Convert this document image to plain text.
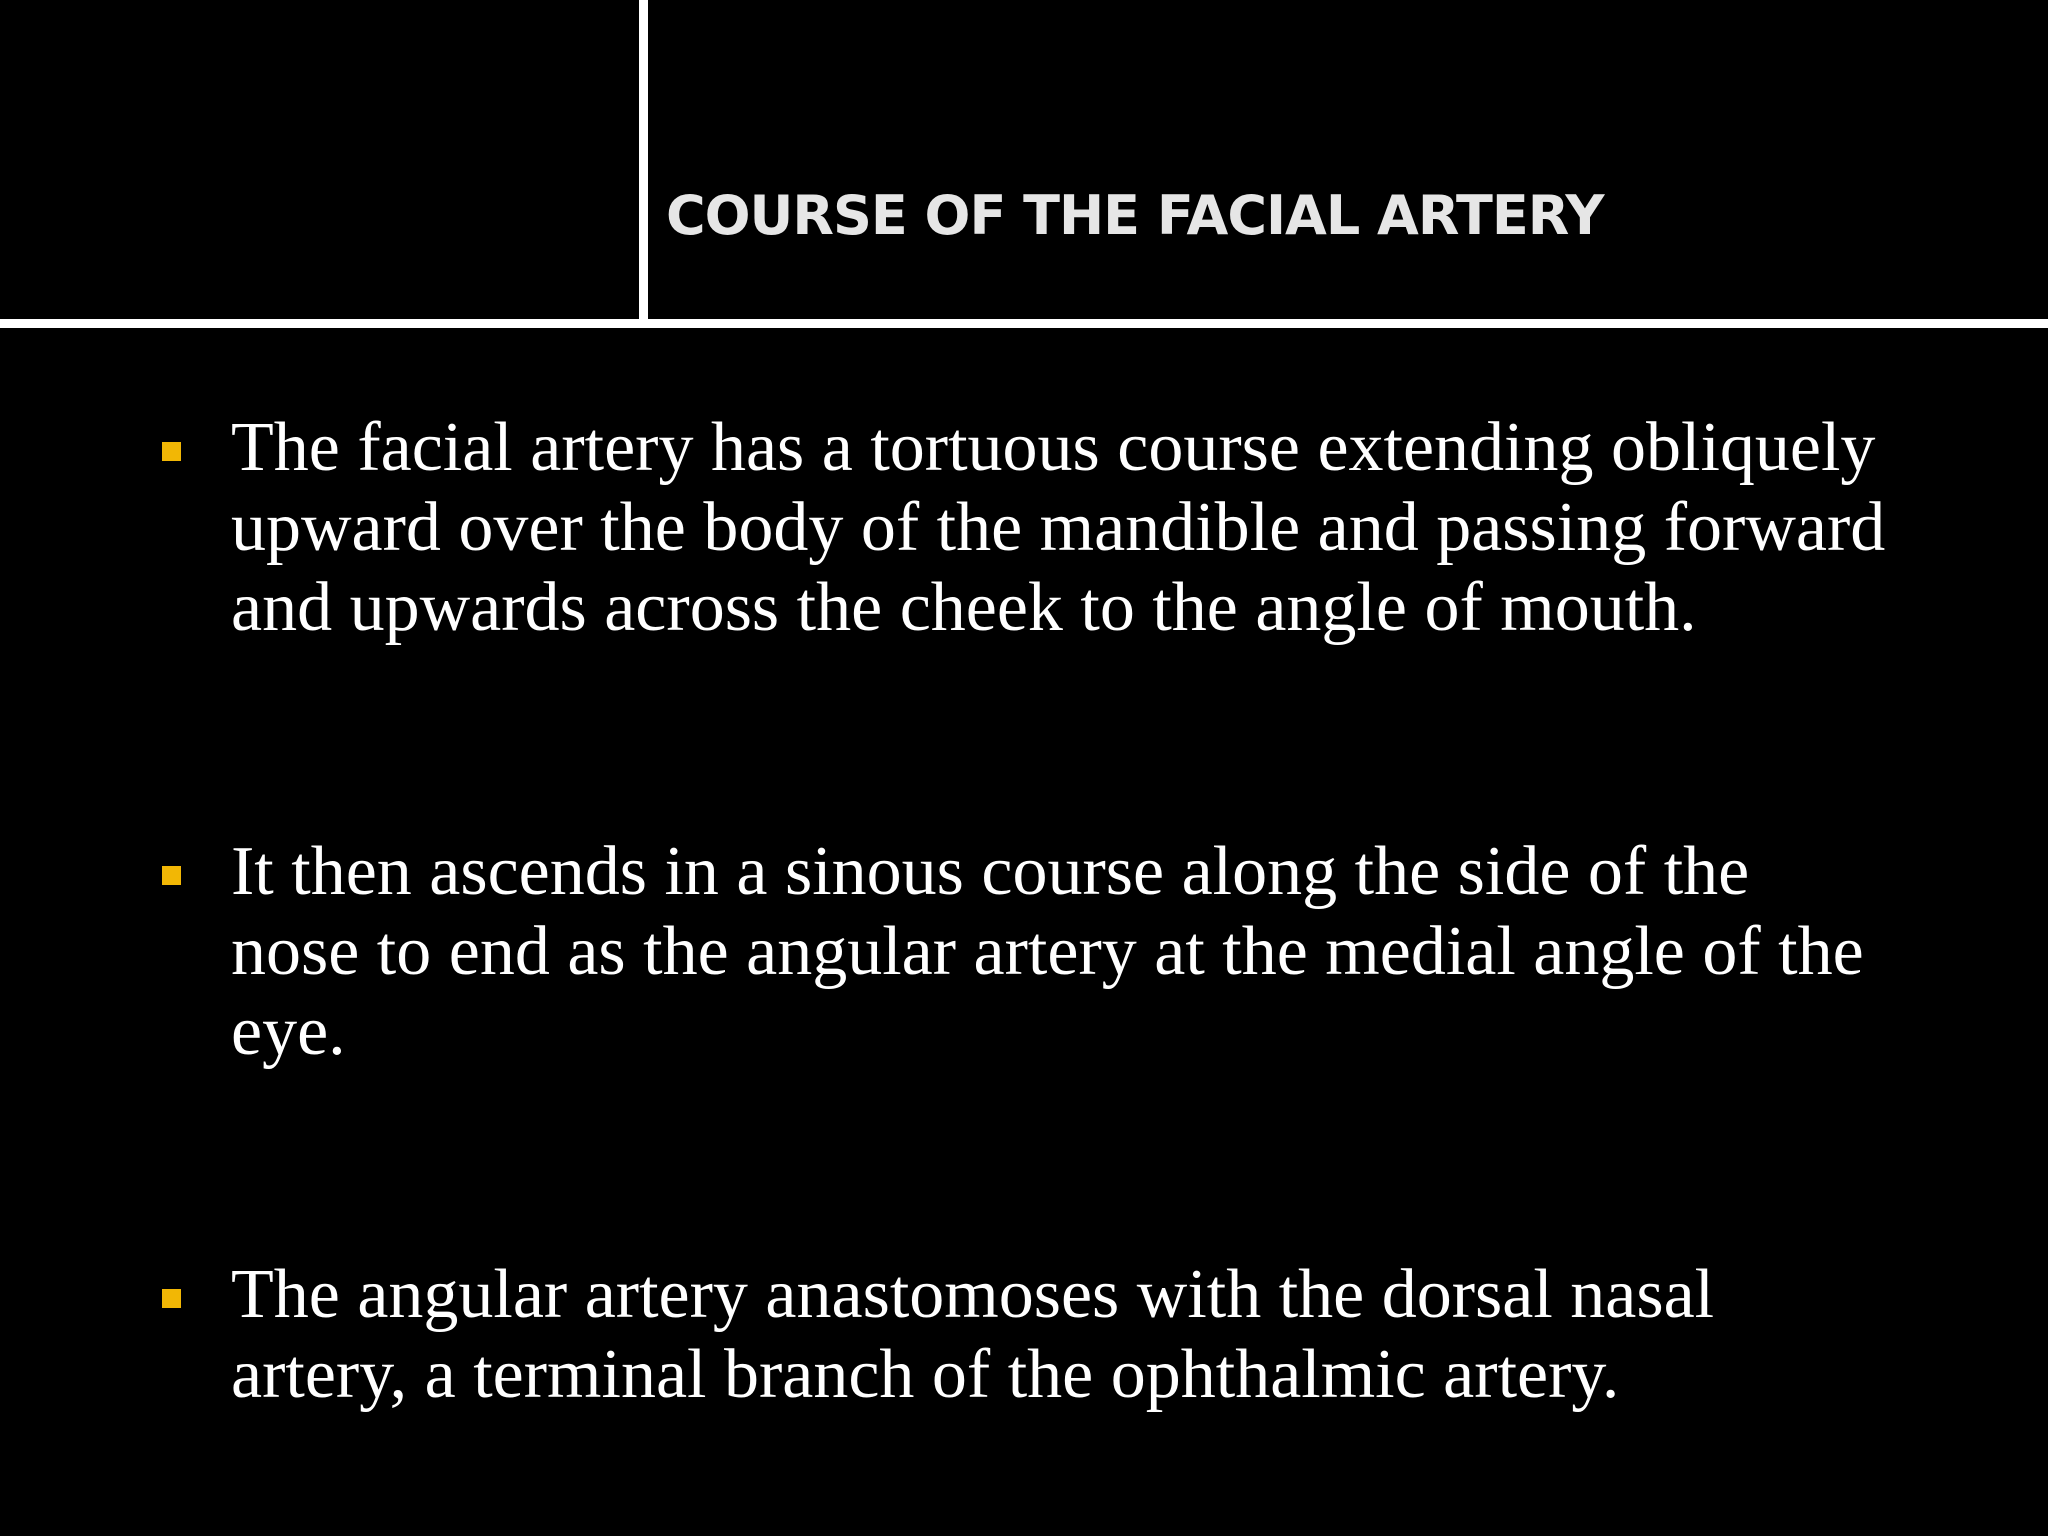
COURSE OF THE FACIAL ARTERY
The facial artery has a tortuous course extending obliquely
upward over the body of the mandible and passing forward
and upwards across the cheek to the angle of mouth.
It then ascends in a sinous course along the side of the
nose to end as the angular artery at the medial angle of the
eye.
The angular artery anastomoses with the dorsal nasal
artery, a terminal branch of the ophthalmic artery.
